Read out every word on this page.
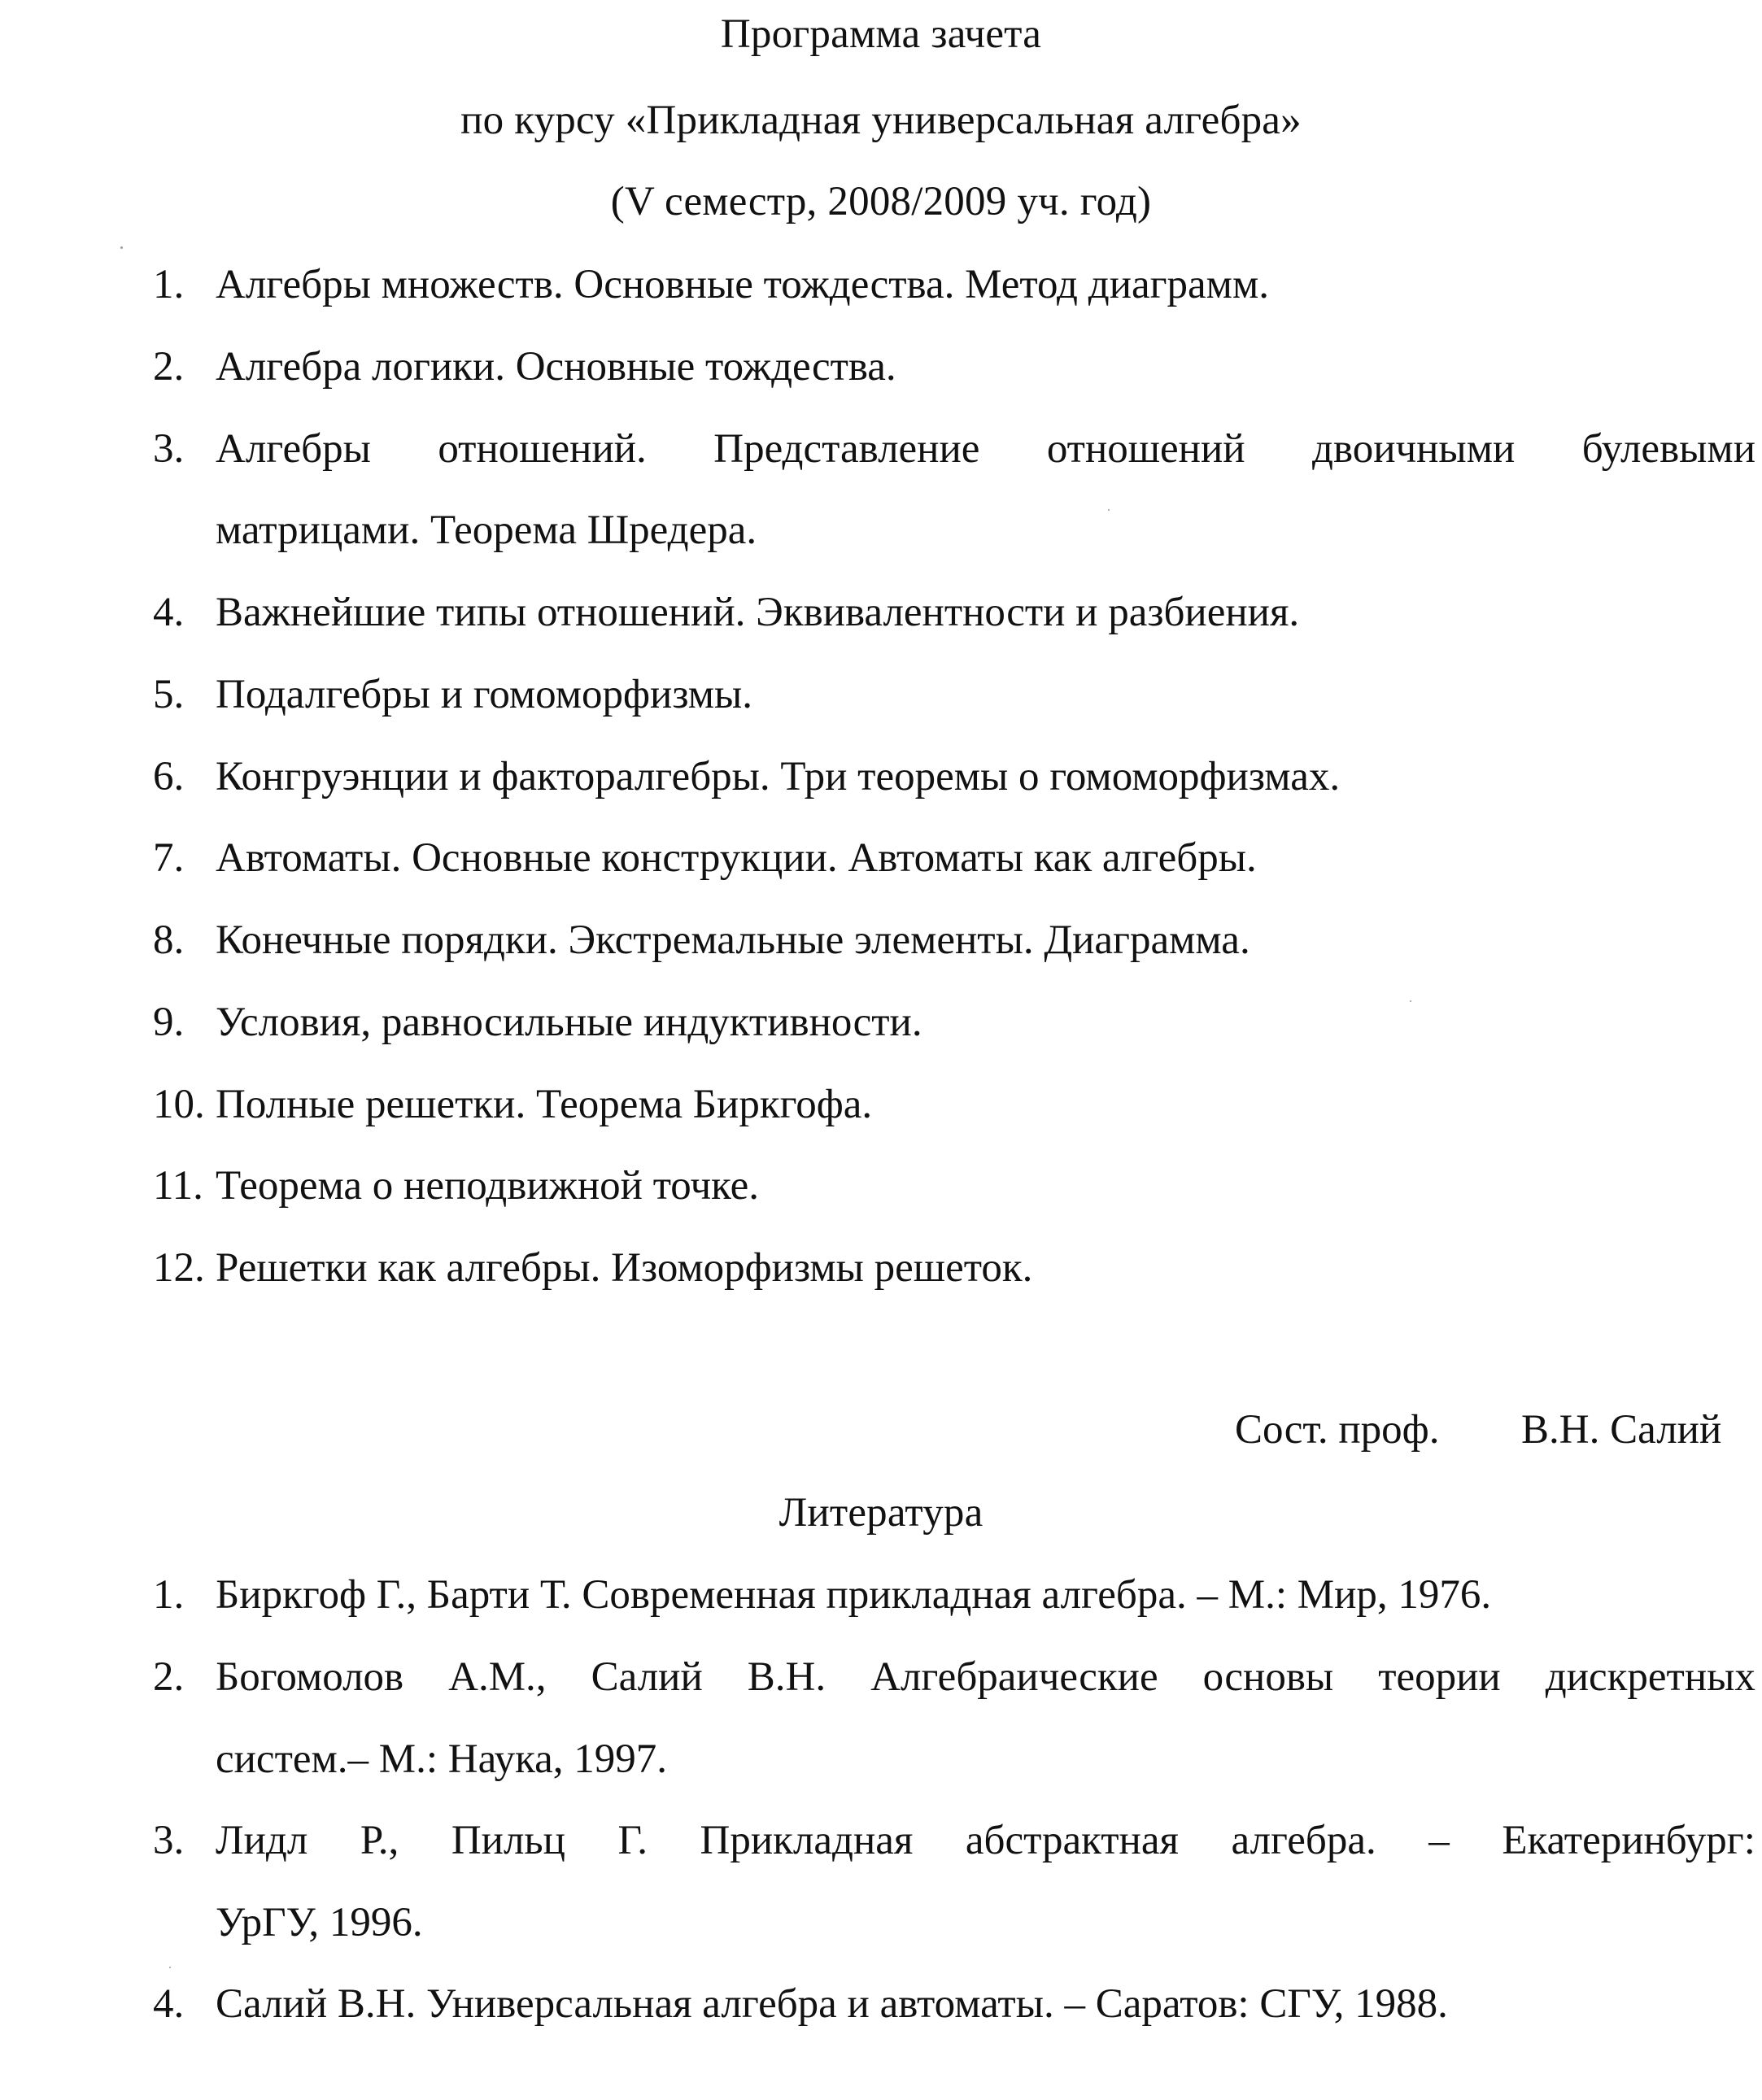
Программа зачета
по курсу «Прикладная универсальная алгебра»
(V семестр, 2008/2009 уч. год)
1. Алгебры множеств. Основные тождества. Метод диаграмм.
2. Алгебра логики. Основные тождества.
3. Алгебры отношений. Представление отношений двоичными булевыми
матрицами. Теорема Шредера.
4. Важнейшие типы отношений. Эквивалентности и разбиения.
5. Подалгебры и гомоморфизмы.
6. Конгруэнции и факторалгебры. Три теоремы о гомоморфизмах.
7. Автоматы. Основные конструкции. Автоматы как алгебры.
8. Конечные порядки. Экстремальные элементы. Диаграмма.
9. Условия, равносильные индуктивности.
10. Полные решетки. Теорема Биркгофа.
11. Теорема о неподвижной точке.
12. Решетки как алгебры. Изоморфизмы решеток.
Сост. проф. В.Н. Салий
Литература
1. Биркгоф Г., Барти Т. Современная прикладная алгебра. – М.: Мир, 1976.
2. Богомолов А.М., Салий В.Н. Алгебраические основы теории дискретных
систем.– М.: Наука, 1997.
3. Лидл Р., Пильц Г. Прикладная абстрактная алгебра. – Екатеринбург:
УрГУ, 1996.
4. Салий В.Н. Универсальная алгебра и автоматы. – Саратов: СГУ, 1988.
